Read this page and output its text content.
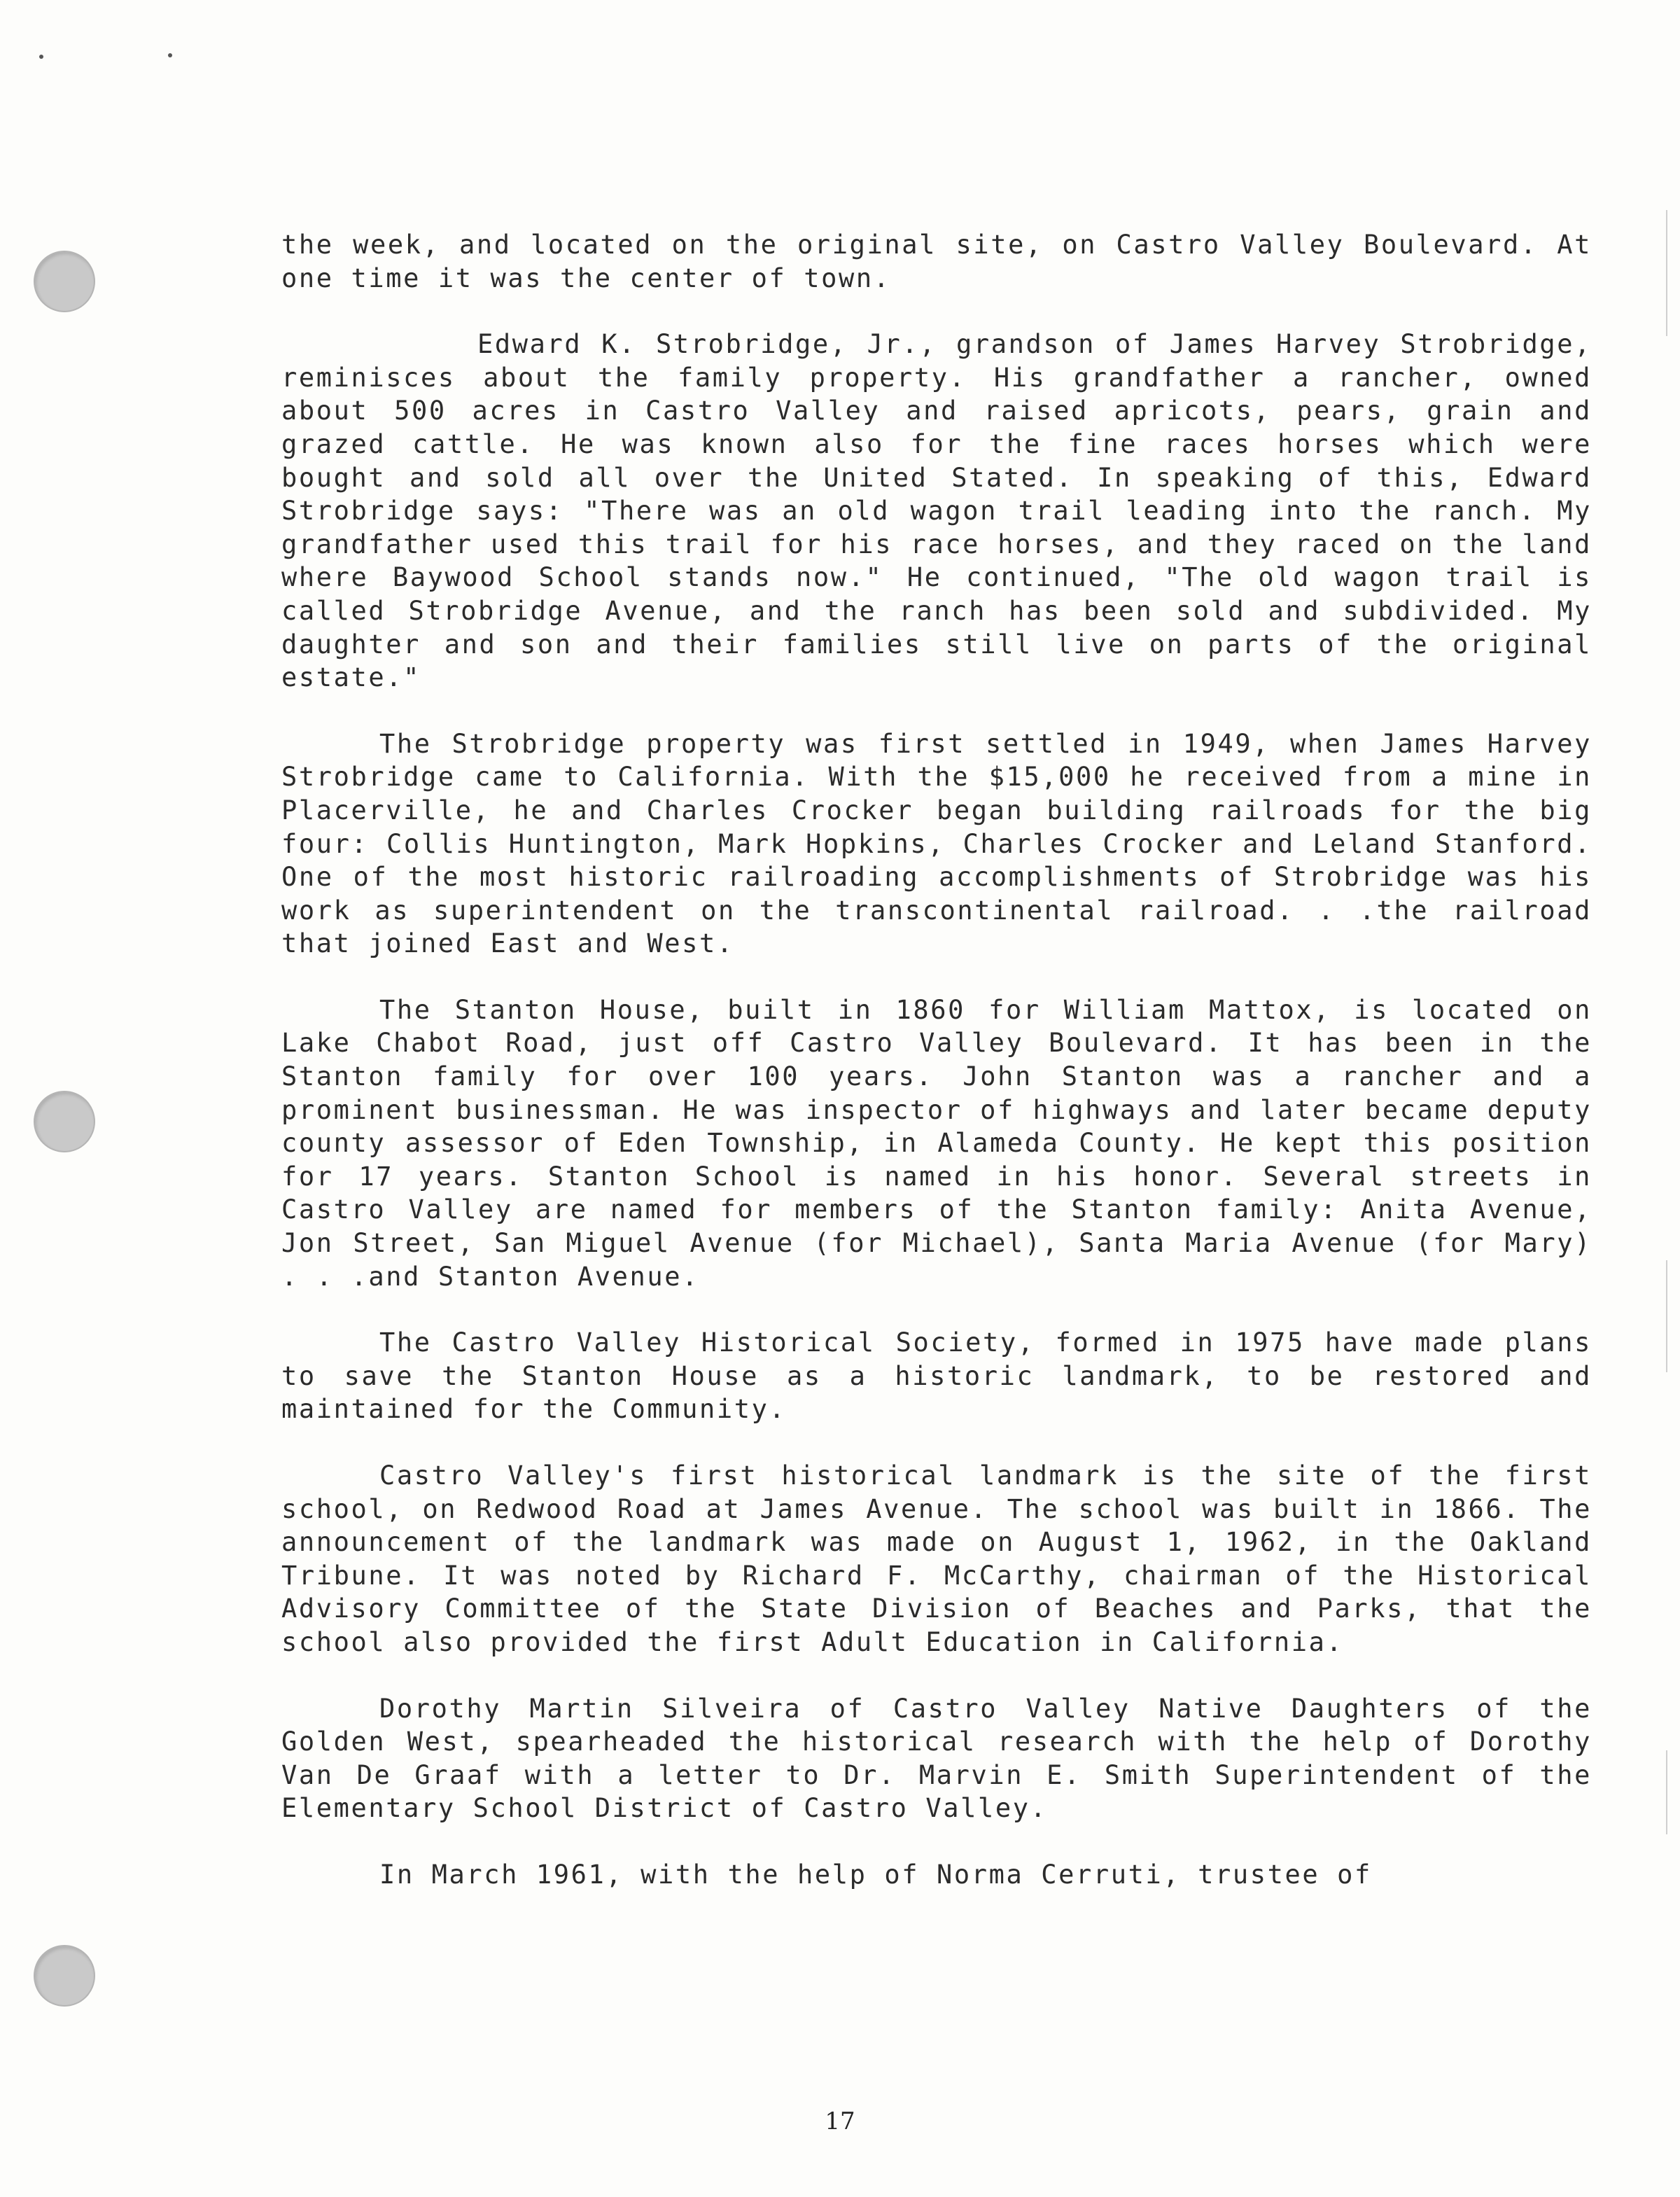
the week, and located on the original site, on Castro Valley Boulevard. At one time it was the center of town.

Edward K. Strobridge, Jr., grandson of James Harvey Strobridge, reminisces about the family property. His grandfather a rancher, owned about 500 acres in Castro Valley and raised apricots, pears, grain and grazed cattle. He was known also for the fine races horses which were bought and sold all over the United Stated. In speaking of this, Edward Strobridge says: "There was an old wagon trail leading into the ranch. My grandfather used this trail for his race horses, and they raced on the land where Baywood School stands now." He continued, "The old wagon trail is called Strobridge Avenue, and the ranch has been sold and subdivided. My daughter and son and their families still live on parts of the original estate."

The Strobridge property was first settled in 1949, when James Harvey Strobridge came to California. With the $15,000 he received from a mine in Placerville, he and Charles Crocker began building railroads for the big four: Collis Huntington, Mark Hopkins, Charles Crocker and Leland Stanford. One of the most historic railroading accomplishments of Strobridge was his work as superintendent on the transcontinental railroad. . .the railroad that joined East and West.

The Stanton House, built in 1860 for William Mattox, is located on Lake Chabot Road, just off Castro Valley Boulevard. It has been in the Stanton family for over 100 years. John Stanton was a rancher and a prominent businessman. He was inspector of highways and later became deputy county assessor of Eden Township, in Alameda County. He kept this position for 17 years. Stanton School is named in his honor. Several streets in Castro Valley are named for members of the Stanton family: Anita Avenue, Jon Street, San Miguel Avenue (for Michael), Santa Maria Avenue (for Mary) . . .and Stanton Avenue.

The Castro Valley Historical Society, formed in 1975 have made plans to save the Stanton House as a historic landmark, to be restored and maintained for the Community.

Castro Valley's first historical landmark is the site of the first school, on Redwood Road at James Avenue. The school was built in 1866. The announcement of the landmark was made on August 1, 1962, in the Oakland Tribune. It was noted by Richard F. McCarthy, chairman of the Historical Advisory Committee of the State Division of Beaches and Parks, that the school also provided the first Adult Education in California.

Dorothy Martin Silveira of Castro Valley Native Daughters of the Golden West, spearheaded the historical research with the help of Dorothy Van De Graaf with a letter to Dr. Marvin E. Smith Superintendent of the Elementary School District of Castro Valley.

In March 1961, with the help of Norma Cerruti, trustee of

17
